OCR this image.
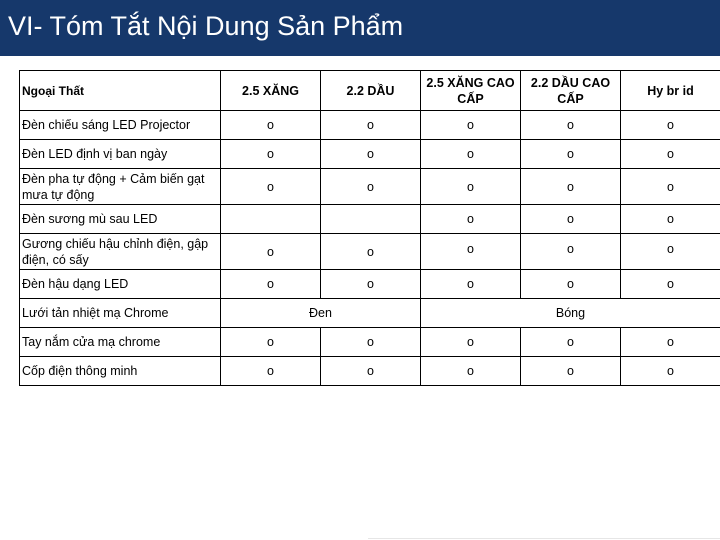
VI- Tóm Tắt Nội Dung Sản Phẩm
Ngoại Thất	2.5 XĂNG	2.2 DẦU	2.5 XĂNG CAO CẤP	2.2 DẦU CAO CẤP	Hy br id
Đèn chiếu sáng LED Projector	o	o	o	o	o
Đèn LED định vị ban ngày	o	o	o	o	o
Đèn pha tự động + Cảm biến gạt mưa tự động	o	o	o	o	o
Đèn sương mù sau LED			o	o	o
Gương chiếu hậu chỉnh điện, gập điện, có sấy	o	o	o	o	o
Đèn hậu dạng LED	o	o	o	o	o
Lưới tản nhiệt mạ Chrome	Đen		Bóng		
Tay nắm cửa mạ chrome	o	o	o	o	o
Cốp điện thông minh	o	o	o	o	o
